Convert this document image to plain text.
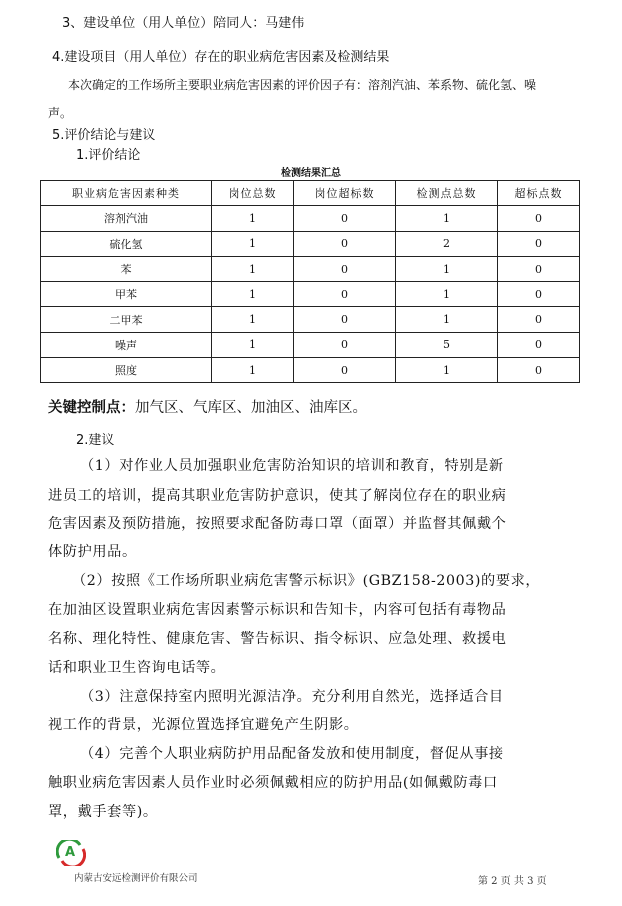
3、建设单位（用人单位）陪同人：马建伟
4.建设项目（用人单位）存在的职业病危害因素及检测结果
本次确定的工作场所主要职业病危害因素的评价因子有：溶剂汽油、苯系物、硫化氢、噪
声。
5.评价结论与建议
1.评价结论
检测结果汇总
职业病危害因素种类	岗位总数	岗位超标数	检测点总数	超标点数
溶剂汽油	1	0	1	0
硫化氢	1	0	2	0
苯	1	0	1	0
甲苯	1	0	1	0
二甲苯	1	0	1	0
噪声	1	0	5	0
照度	1	0	1	0
关键控制点：加气区、气库区、加油区、油库区。
2.建议
（1）对作业人员加强职业危害防治知识的培训和教育，特别是新
进员工的培训，提高其职业危害防护意识，使其了解岗位存在的职业病
危害因素及预防措施，按照要求配备防毒口罩（面罩）并监督其佩戴个
体防护用品。
（2）按照《工作场所职业病危害警示标识》(GBZ158-2003)的要求，
在加油区设置职业病危害因素警示标识和告知卡，内容可包括有毒物品
名称、理化特性、健康危害、警告标识、指令标识、应急处理、救援电
话和职业卫生咨询电话等。
（3）注意保持室内照明光源洁净。充分利用自然光，选择适合目
视工作的背景，光源位置选择宜避免产生阴影。
（4）完善个人职业病防护用品配备发放和使用制度，督促从事接
触职业病危害因素人员作业时必须佩戴相应的防护用品(如佩戴防毒口
罩，戴手套等)。
A
内蒙古安远检测评价有限公司	第 2 页 共 3 页
